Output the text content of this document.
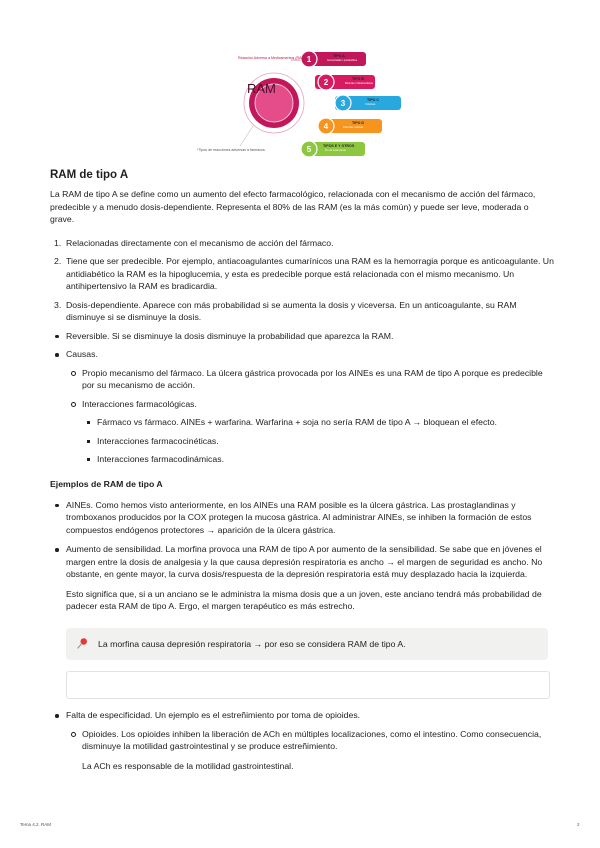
1
2
3
4
5
Reacción Adversa a Medicamentos (RAM)
RAM
TIPO A
Aumentadas / predecibles
TIPO B
Bizarras / idiosincráticas
TIPO C
Crónicas
TIPO D
Diferidas / tardías
TIPOS E Y OTROS
Fin de tratamiento
*Tipos de reacciones adversas a fármacos
RAM de tipo A

La RAM de tipo A se define como un aumento del efecto farmacológico, relacionada con el mecanismo de acción del fármaco, predecible y a menudo dosis-dependiente. Representa el 80% de las RAM (es la más común) y puede ser leve, moderada o grave.

1. Relacionadas directamente con el mecanismo de acción del fármaco.
2. Tiene que ser predecible. Por ejemplo, antiacoagulantes cumarínicos una RAM es la hemorragia porque es anticoagulante. Un antidiabético la RAM es la hipoglucemia, y esta es predecible porque está relacionada con el mismo mecanismo. Un antihipertensivo la RAM es bradicardia.
3. Dosis-dependiente. Aparece con más probabilidad si se aumenta la dosis y viceversa. En un anticoagulante, su RAM disminuye si se disminuye la dosis.
Reversible. Si se disminuye la dosis disminuye la probabilidad que aparezca la RAM.
Causas.
Propio mecanismo del fármaco. La úlcera gástrica provocada por los AINEs es una RAM de tipo A porque es predecible por su mecanismo de acción.
Interacciones farmacológicas.
Fármaco vs fármaco. AINEs + warfarina. Warfarina + soja no sería RAM de tipo A → bloquean el efecto.
Interacciones farmacocinéticas.
Interacciones farmacodinámicas.
Ejemplos de RAM de tipo A
AINEs. Como hemos visto anteriormente, en los AINEs una RAM posible es la úlcera gástrica. Las prostaglandinas y tromboxanos producidos por la COX protegen la mucosa gástrica. Al administrar AINEs, se inhiben la formación de estos compuestos endógenos protectores → aparición de la úlcera gástrica.
Aumento de sensibilidad. La morfina provoca una RAM de tipo A por aumento de la sensibilidad. Se sabe que en jóvenes el margen entre la dosis de analgesia y la que causa depresión respiratoria es ancho → el margen de seguridad es ancho. No obstante, en gente mayor, la curva dosis/respuesta de la depresión respiratoria está muy desplazado hacia la izquierda.
Esto significa que, si a un anciano se le administra la misma dosis que a un joven, este anciano tendrá más probabilidad de padecer esta RAM de tipo A. Ergo, el margen terapéutico es más estrecho.
La morfina causa depresión respiratoria → por eso se considera RAM de tipo A.
Falta de especificidad. Un ejemplo es el estreñimiento por toma de opioides.
Opioides. Los opioides inhiben la liberación de ACh en múltiples localizaciones, como el intestino. Como consecuencia, disminuye la motilidad gastrointestinal y se produce estreñimiento.
La ACh es responsable de la motilidad gastrointestinal.
Tema 4.2. RAM	2
